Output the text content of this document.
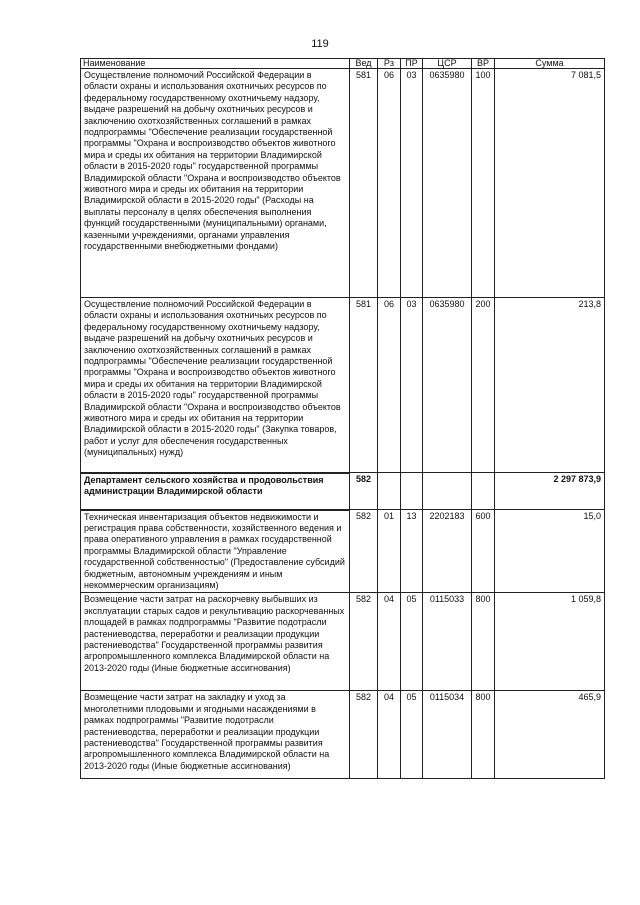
119
Наименование	Вед	Рз	ПР	ЦСР	ВР	Сумма
Осуществление полномочий Российской Федерации в области охраны и использования охотничьих ресурсов по федеральному государственному охотничьему надзору, выдаче разрешений на добычу охотничьих ресурсов и заключению охотхозяйственных соглашений в рамках подпрограммы "Обеспечение реализации государственной программы "Охрана и воспроизводство объектов животного мира и среды их обитания на территории Владимирской области в 2015-2020 годы" государственной программы Владимирской области "Охрана и воспроизводство объектов животного мира и среды их обитания на территории Владимирской области в 2015-2020 годы" (Расходы на выплаты персоналу в целях обеспечения выполнения функций государственными (муниципальными) органами, казенными учреждениями, органами управления государственными внебюджетными фондами)	581	06	03	0635980	100	7 081,5
Осуществление полномочий Российской Федерации в области охраны и использования охотничьих ресурсов по федеральному государственному охотничьему надзору, выдаче разрешений на добычу охотничьих ресурсов и заключению охотхозяйственных соглашений в рамках подпрограммы "Обеспечение реализации государственной программы "Охрана и воспроизводство объектов животного мира и среды их обитания на территории Владимирской области в 2015-2020 годы" государственной программы Владимирской области "Охрана и воспроизводство объектов животного мира и среды их обитания на территории Владимирской области в 2015-2020 годы" (Закупка товаров, работ и услуг для обеспечения государственных (муниципальных) нужд)	581	06	03	0635980	200	213,8
Департамент сельского хозяйства и продовольствия администрации Владимирской области	582					2 297 873,9
Техническая инвентаризация объектов недвижимости и регистрация права собственности, хозяйственного ведения и права оперативного управления в рамках государственной программы Владимирской области "Управление государственной собственностью" (Предоставление субсидий бюджетным, автономным учреждениям и иным некоммерческим организациям)	582	01	13	2202183	600	15,0
Возмещение части затрат на раскорчевку выбывших из эксплуатации старых садов и рекультивацию раскорчеванных площадей в рамках подпрограммы "Развитие подотрасли растениеводства, переработки и реализации продукции растениеводства" Государственной программы развития агропромышленного комплекса Владимирской области на 2013-2020 годы (Иные бюджетные ассигнования)	582	04	05	0115033	800	1 059,8
Возмещение части затрат на закладку и уход за многолетними плодовыми и ягодными насаждениями в рамках подпрограммы "Развитие подотрасли растениеводства, переработки и реализации продукции растениеводства" Государственной программы развития агропромышленного комплекса Владимирской области на 2013-2020 годы (Иные бюджетные ассигнования)	582	04	05	0115034	800	465,9
